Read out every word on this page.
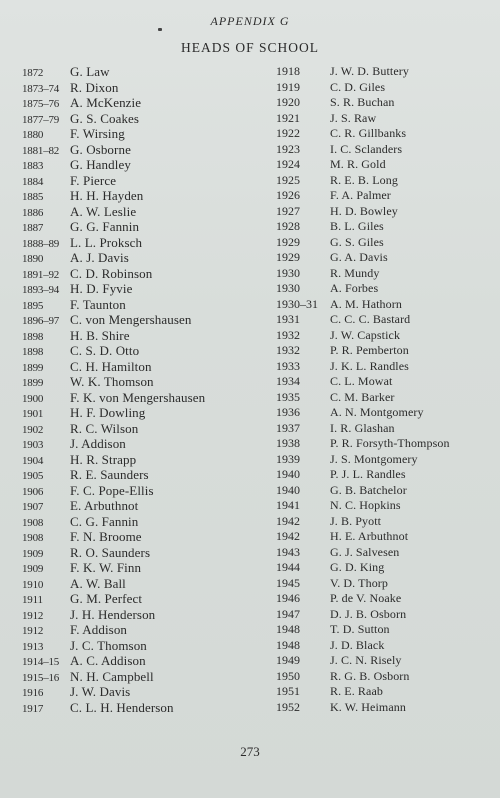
APPENDIX G
HEADS OF SCHOOL
1872	G. Law
1873–74 R. Dixon
1875–76 A. McKenzie
1877–79 G. S. Coakes
1880	F. Wirsing
1881–82 G. Osborne
1883	G. Handley
1884	F. Pierce
1885	H. H. Hayden
1886	A. W. Leslie
1887	G. G. Fannin
1888–89 L. L. Proksch
1890	A. J. Davis
1891–92 C. D. Robinson
1893–94 H. D. Fyvie
1895	F. Taunton
1896–97 C. von Mengershausen
1898	H. B. Shire
1898	C. S. D. Otto
1899	C. H. Hamilton
1899	W. K. Thomson
1900	F. K. von Mengershausen
1901	H. F. Dowling
1902	R. C. Wilson
1903	J. Addison
1904	H. R. Strapp
1905	R. E. Saunders
1906	F. C. Pope-Ellis
1907	E. Arbuthnot
1908	C. G. Fannin
1908	F. N. Broome
1909	R. O. Saunders
1909	F. K. W. Finn
1910	A. W. Ball
1911	G. M. Perfect
1912	J. H. Henderson
1912	F. Addison
1913	J. C. Thomson
1914–15 A. C. Addison
1915–16 N. H. Campbell
1916	J. W. Davis
1917	C. L. H. Henderson
1918	J. W. D. Buttery
1919	C. D. Giles
1920	S. R. Buchan
1921	J. S. Raw
1922	C. R. Gillbanks
1923	I. C. Sclanders
1924	M. R. Gold
1925	R. E. B. Long
1926	F. A. Palmer
1927	H. D. Bowley
1928	B. L. Giles
1929	G. S. Giles
1929	G. A. Davis
1930	R. Mundy
1930	A. Forbes
1930–31	A. M. Hathorn
1931	C. C. C. Bastard
1932	J. W. Capstick
1932	P. R. Pemberton
1933	J. K. L. Randles
1934	C. L. Mowat
1935	C. M. Barker
1936	A. N. Montgomery
1937	I. R. Glashan
1938	P. R. Forsyth-Thompson
1939	J. S. Montgomery
1940	P. J. L. Randles
1940	G. B. Batchelor
1941	N. C. Hopkins
1942	J. B. Pyott
1942	H. E. Arbuthnot
1943	G. J. Salvesen
1944	G. D. King
1945	V. D. Thorp
1946	P. de V. Noake
1947	D. J. B. Osborn
1948	T. D. Sutton
1948	J. D. Black
1949	J. C. N. Risely
1950	R. G. B. Osborn
1951	R. E. Raab
1952	K. W. Heimann
273
